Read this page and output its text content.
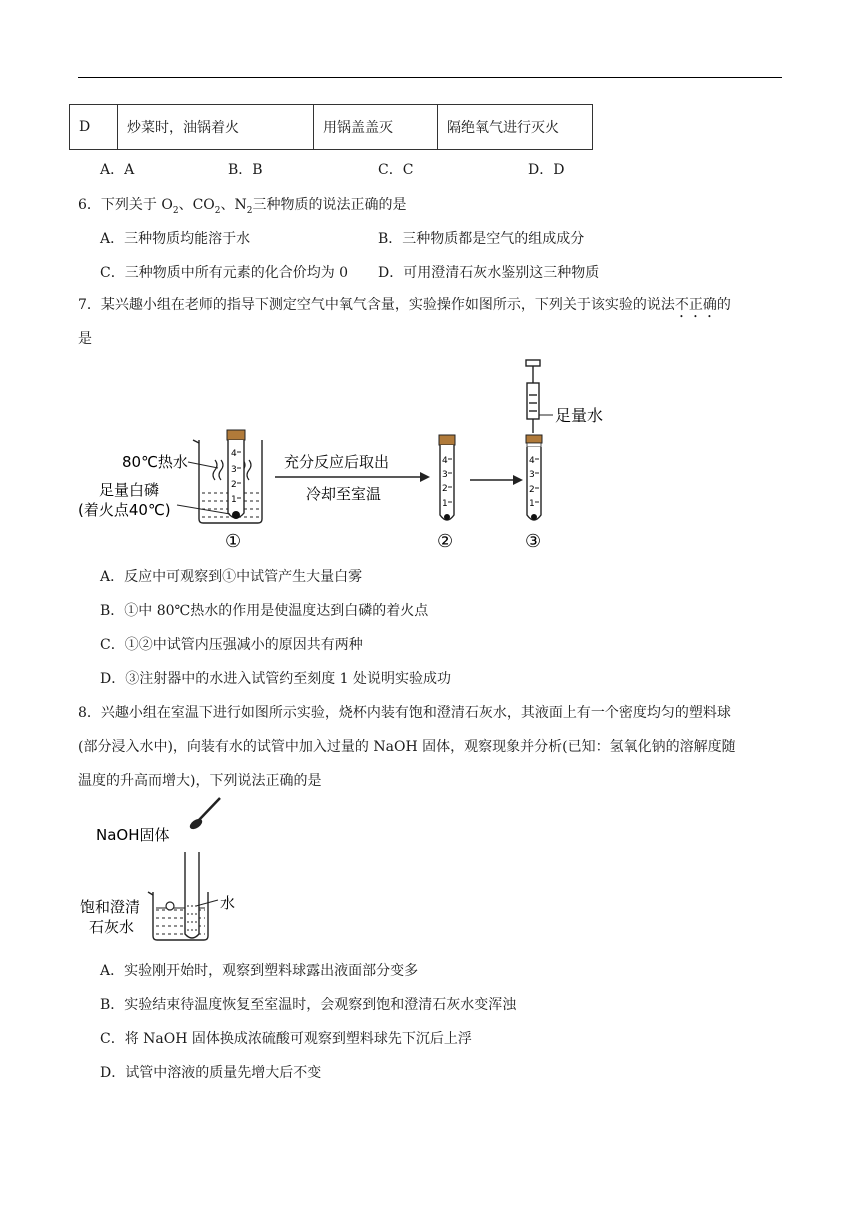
D	炒菜时，油锅着火	用锅盖盖灭	隔绝氧气进行灭火
A．A	B．B	C．C	D．D
6．下列关于 $O_2$、$CO_2$、$N_2$三种物质的说法正确的是
A．三种物质均能溶于水	B．三种物质都是空气的组成成分
C．三种物质中所有元素的化合价均为 0 D．可用澄清石灰水鉴别这三种物质
7．某兴趣小组在老师的指导下测定空气中氧气含量，实验操作如图所示，下列关于该实验的说法不正确的
是
4
3
2
1
80℃热水
足量白磷
(着火点40℃)
①
充分反应后取出
冷却至室温
4
3
2
1
②
足量水
4
3
2
1
③
A．反应中可观察到①中试管产生大量白雾
B．①中 80℃热水的作用是使温度达到白磷的着火点
C．①②中试管内压强减小的原因共有两种
D．③注射器中的水进入试管约至刻度 1 处说明实验成功
8．兴趣小组在室温下进行如图所示实验，烧杯内装有饱和澄清石灰水，其液面上有一个密度均匀的塑料球
(部分浸入水中)，向装有水的试管中加入过量的 NaOH 固体，观察现象并分析(已知：氢氧化钠的溶解度随
温度的升高而增大)，下列说法正确的是
NaOH固体
水
饱和澄清
石灰水
A．实验刚开始时，观察到塑料球露出液面部分变多
B．实验结束待温度恢复至室温时，会观察到饱和澄清石灰水变浑浊
C．将 NaOH 固体换成浓硫酸可观察到塑料球先下沉后上浮
D．试管中溶液的质量先增大后不变
